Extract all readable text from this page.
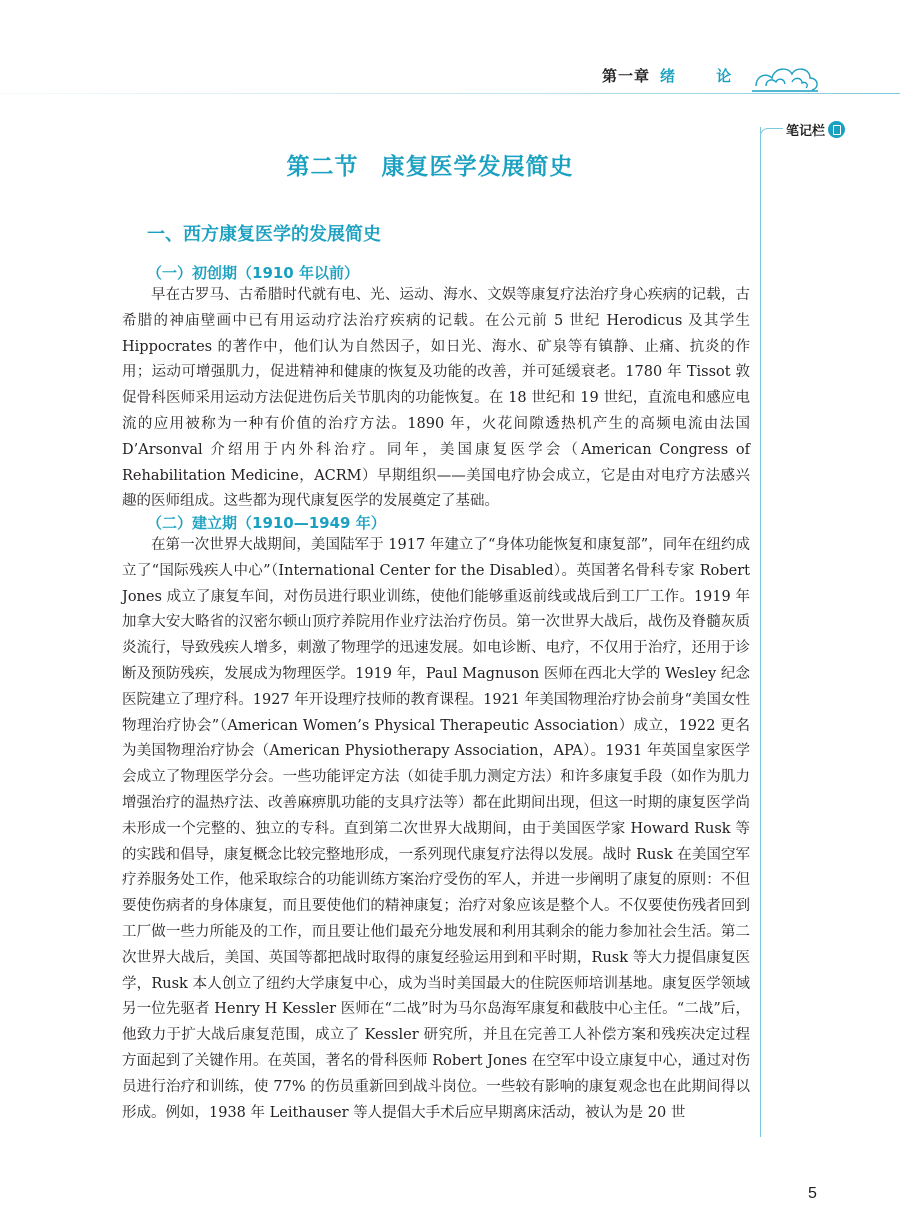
第一章 绪 论
笔记栏
第二节 康复医学发展简史
一、西方康复医学的发展简史
（一）初创期（1910 年以前）

早在古罗马、古希腊时代就有电、光、运动、海水、文娱等康复疗法治疗身心疾病的记载，古希腊的神庙壁画中已有用运动疗法治疗疾病的记载。在公元前 5 世纪 Herodicus 及其学生 Hippocrates 的著作中，他们认为自然因子，如日光、海水、矿泉等有镇静、止痛、抗炎的作用；运动可增强肌力，促进精神和健康的恢复及功能的改善，并可延缓衰老。1780 年 Tissot 敦促骨科医师采用运动方法促进伤后关节肌肉的功能恢复。在 18 世纪和 19 世纪，直流电和感应电流的应用被称为一种有价值的治疗方法。1890 年，火花间隙透热机产生的高频电流由法国 D’Arsonval 介绍用于内外科治疗。同年，美国康复医学会（American Congress of Rehabilitation Medicine，ACRM）早期组织——美国电疗协会成立，它是由对电疗方法感兴趣的医师组成。这些都为现代康复医学的发展奠定了基础。

（二）建立期（1910—1949 年）

在第一次世界大战期间，美国陆军于 1917 年建立了“身体功能恢复和康复部”，同年在纽约成立了“国际残疾人中心”（International Center for the Disabled）。英国著名骨科专家 Robert Jones 成立了康复车间，对伤员进行职业训练，使他们能够重返前线或战后到工厂工作。1919 年加拿大安大略省的汉密尔顿山顶疗养院用作业疗法治疗伤员。第一次世界大战后，战伤及脊髓灰质炎流行，导致残疾人增多，刺激了物理学的迅速发展。如电诊断、电疗，不仅用于治疗，还用于诊断及预防残疾，发展成为物理医学。1919 年，Paul Magnuson 医师在西北大学的 Wesley 纪念医院建立了理疗科。1927 年开设理疗技师的教育课程。1921 年美国物理治疗协会前身“美国女性物理治疗协会”（American Women’s Physical Therapeutic Association）成立，1922 更名为美国物理治疗协会（American Physiotherapy Association，APA）。1931 年英国皇家医学会成立了物理医学分会。一些功能评定方法（如徒手肌力测定方法）和许多康复手段（如作为肌力增强治疗的温热疗法、改善麻痹肌功能的支具疗法等）都在此期间出现，但这一时期的康复医学尚未形成一个完整的、独立的专科。直到第二次世界大战期间，由于美国医学家 Howard Rusk 等的实践和倡导，康复概念比较完整地形成，一系列现代康复疗法得以发展。战时 Rusk 在美国空军疗养服务处工作，他采取综合的功能训练方案治疗受伤的军人，并进一步阐明了康复的原则：不但要使伤病者的身体康复，而且要使他们的精神康复；治疗对象应该是整个人。不仅要使伤残者回到工厂做一些力所能及的工作，而且要让他们最充分地发展和利用其剩余的能力参加社会生活。第二次世界大战后，美国、英国等都把战时取得的康复经验运用到和平时期，Rusk 等大力提倡康复医学，Rusk 本人创立了纽约大学康复中心，成为当时美国最大的住院医师培训基地。康复医学领域另一位先驱者 Henry H Kessler 医师在“二战”时为马尔岛海军康复和截肢中心主任。“二战”后，他致力于扩大战后康复范围，成立了 Kessler 研究所，并且在完善工人补偿方案和残疾决定过程方面起到了关键作用。在英国，著名的骨科医师 Robert Jones 在空军中设立康复中心，通过对伤员进行治疗和训练，使 77% 的伤员重新回到战斗岗位。一些较有影响的康复观念也在此期间得以形成。例如，1938 年 Leithauser 等人提倡大手术后应早期离床活动，被认为是 20 世

5
